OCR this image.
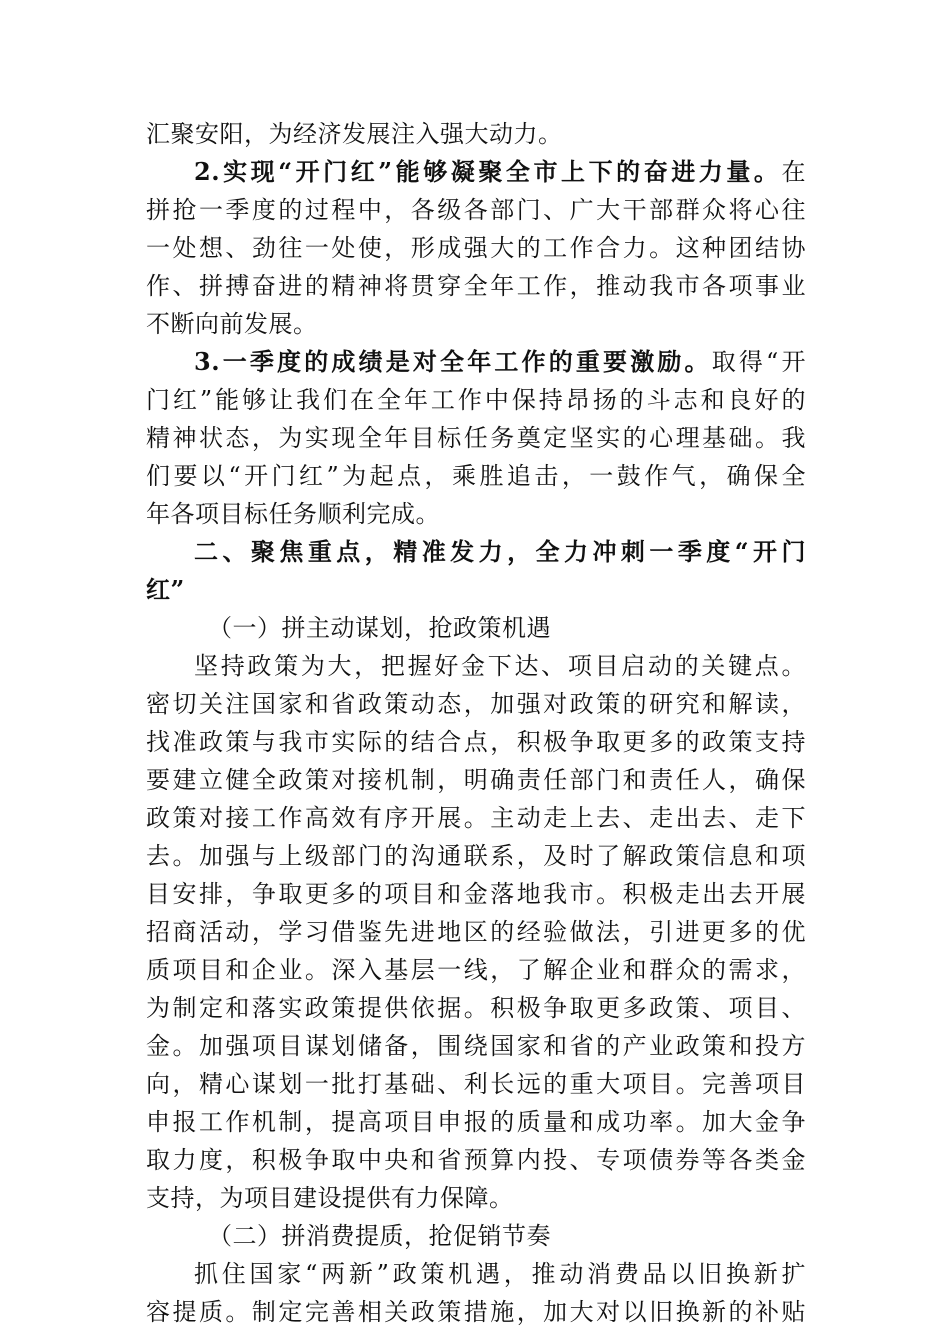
汇聚安阳，为经济发展注入强大动力。
2.实现“开门红”能够凝聚全市上下的奋进力量。在
拼抢一季度的过程中，各级各部门、广大干部群众将心往
一处想、劲往一处使，形成强大的工作合力。这种团结协
作、拼搏奋进的精神将贯穿全年工作，推动我市各项事业
不断向前发展。
3.一季度的成绩是对全年工作的重要激励。取得“开
门红”能够让我们在全年工作中保持昂扬的斗志和良好的
精神状态，为实现全年目标任务奠定坚实的心理基础。我
们要以“开门红”为起点，乘胜追击，一鼓作气，确保全
年各项目标任务顺利完成。
二、聚焦重点，精准发力，全力冲刺一季度“开门
红”
（一）拼主动谋划，抢政策机遇
坚持政策为大，把握好金下达、项目启动的关键点。
密切关注国家和省政策动态，加强对政策的研究和解读，
找准政策与我市实际的结合点，积极争取更多的政策支持
要建立健全政策对接机制，明确责任部门和责任人，确保
政策对接工作高效有序开展。主动走上去、走出去、走下
去。加强与上级部门的沟通联系，及时了解政策信息和项
目安排，争取更多的项目和金落地我市。积极走出去开展
招商活动，学习借鉴先进地区的经验做法，引进更多的优
质项目和企业。深入基层一线，了解企业和群众的需求，
为制定和落实政策提供依据。积极争取更多政策、项目、
金。加强项目谋划储备，围绕国家和省的产业政策和投方
向，精心谋划一批打基础、利长远的重大项目。完善项目
申报工作机制，提高项目申报的质量和成功率。加大金争
取力度，积极争取中央和省预算内投、专项债券等各类金
支持，为项目建设提供有力保障。
（二）拼消费提质，抢促销节奏
抓住国家“两新”政策机遇，推动消费品以旧换新扩
容提质。制定完善相关政策措施，加大对以旧换新的补贴
